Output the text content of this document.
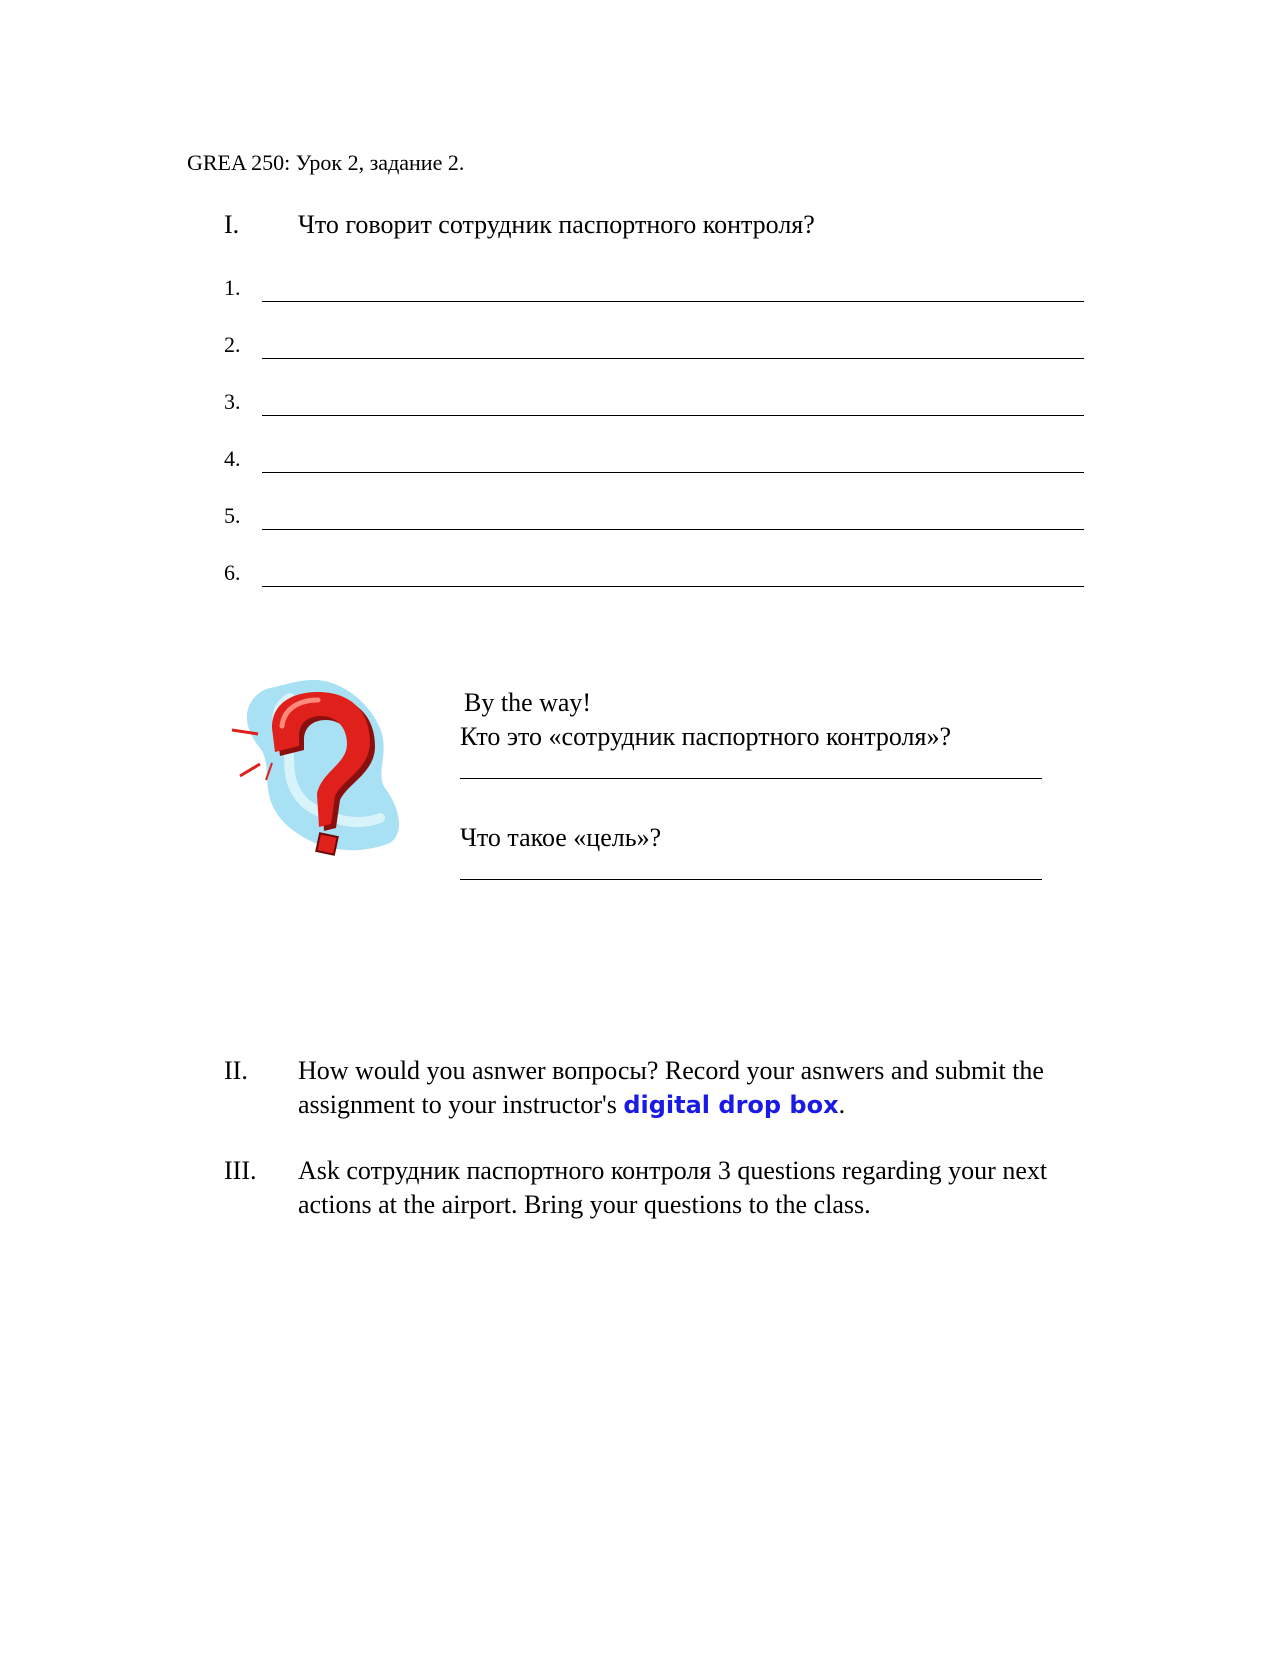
GREA 250: Урок 2, задание 2.
I. Что говорит сотрудник паспортного контроля?
1.
2.
3.
4.
5.
6.
By the way!
Кто это «сотрудник паспортного контроля»?
Что такое «цель»?
II. How would you asnwer вопросы? Record your asnwers and submit the assignment to your instructor's digital drop box.
III. Ask сотрудник паспортного контроля 3 questions regarding your next actions at the airport. Bring your questions to the class.
